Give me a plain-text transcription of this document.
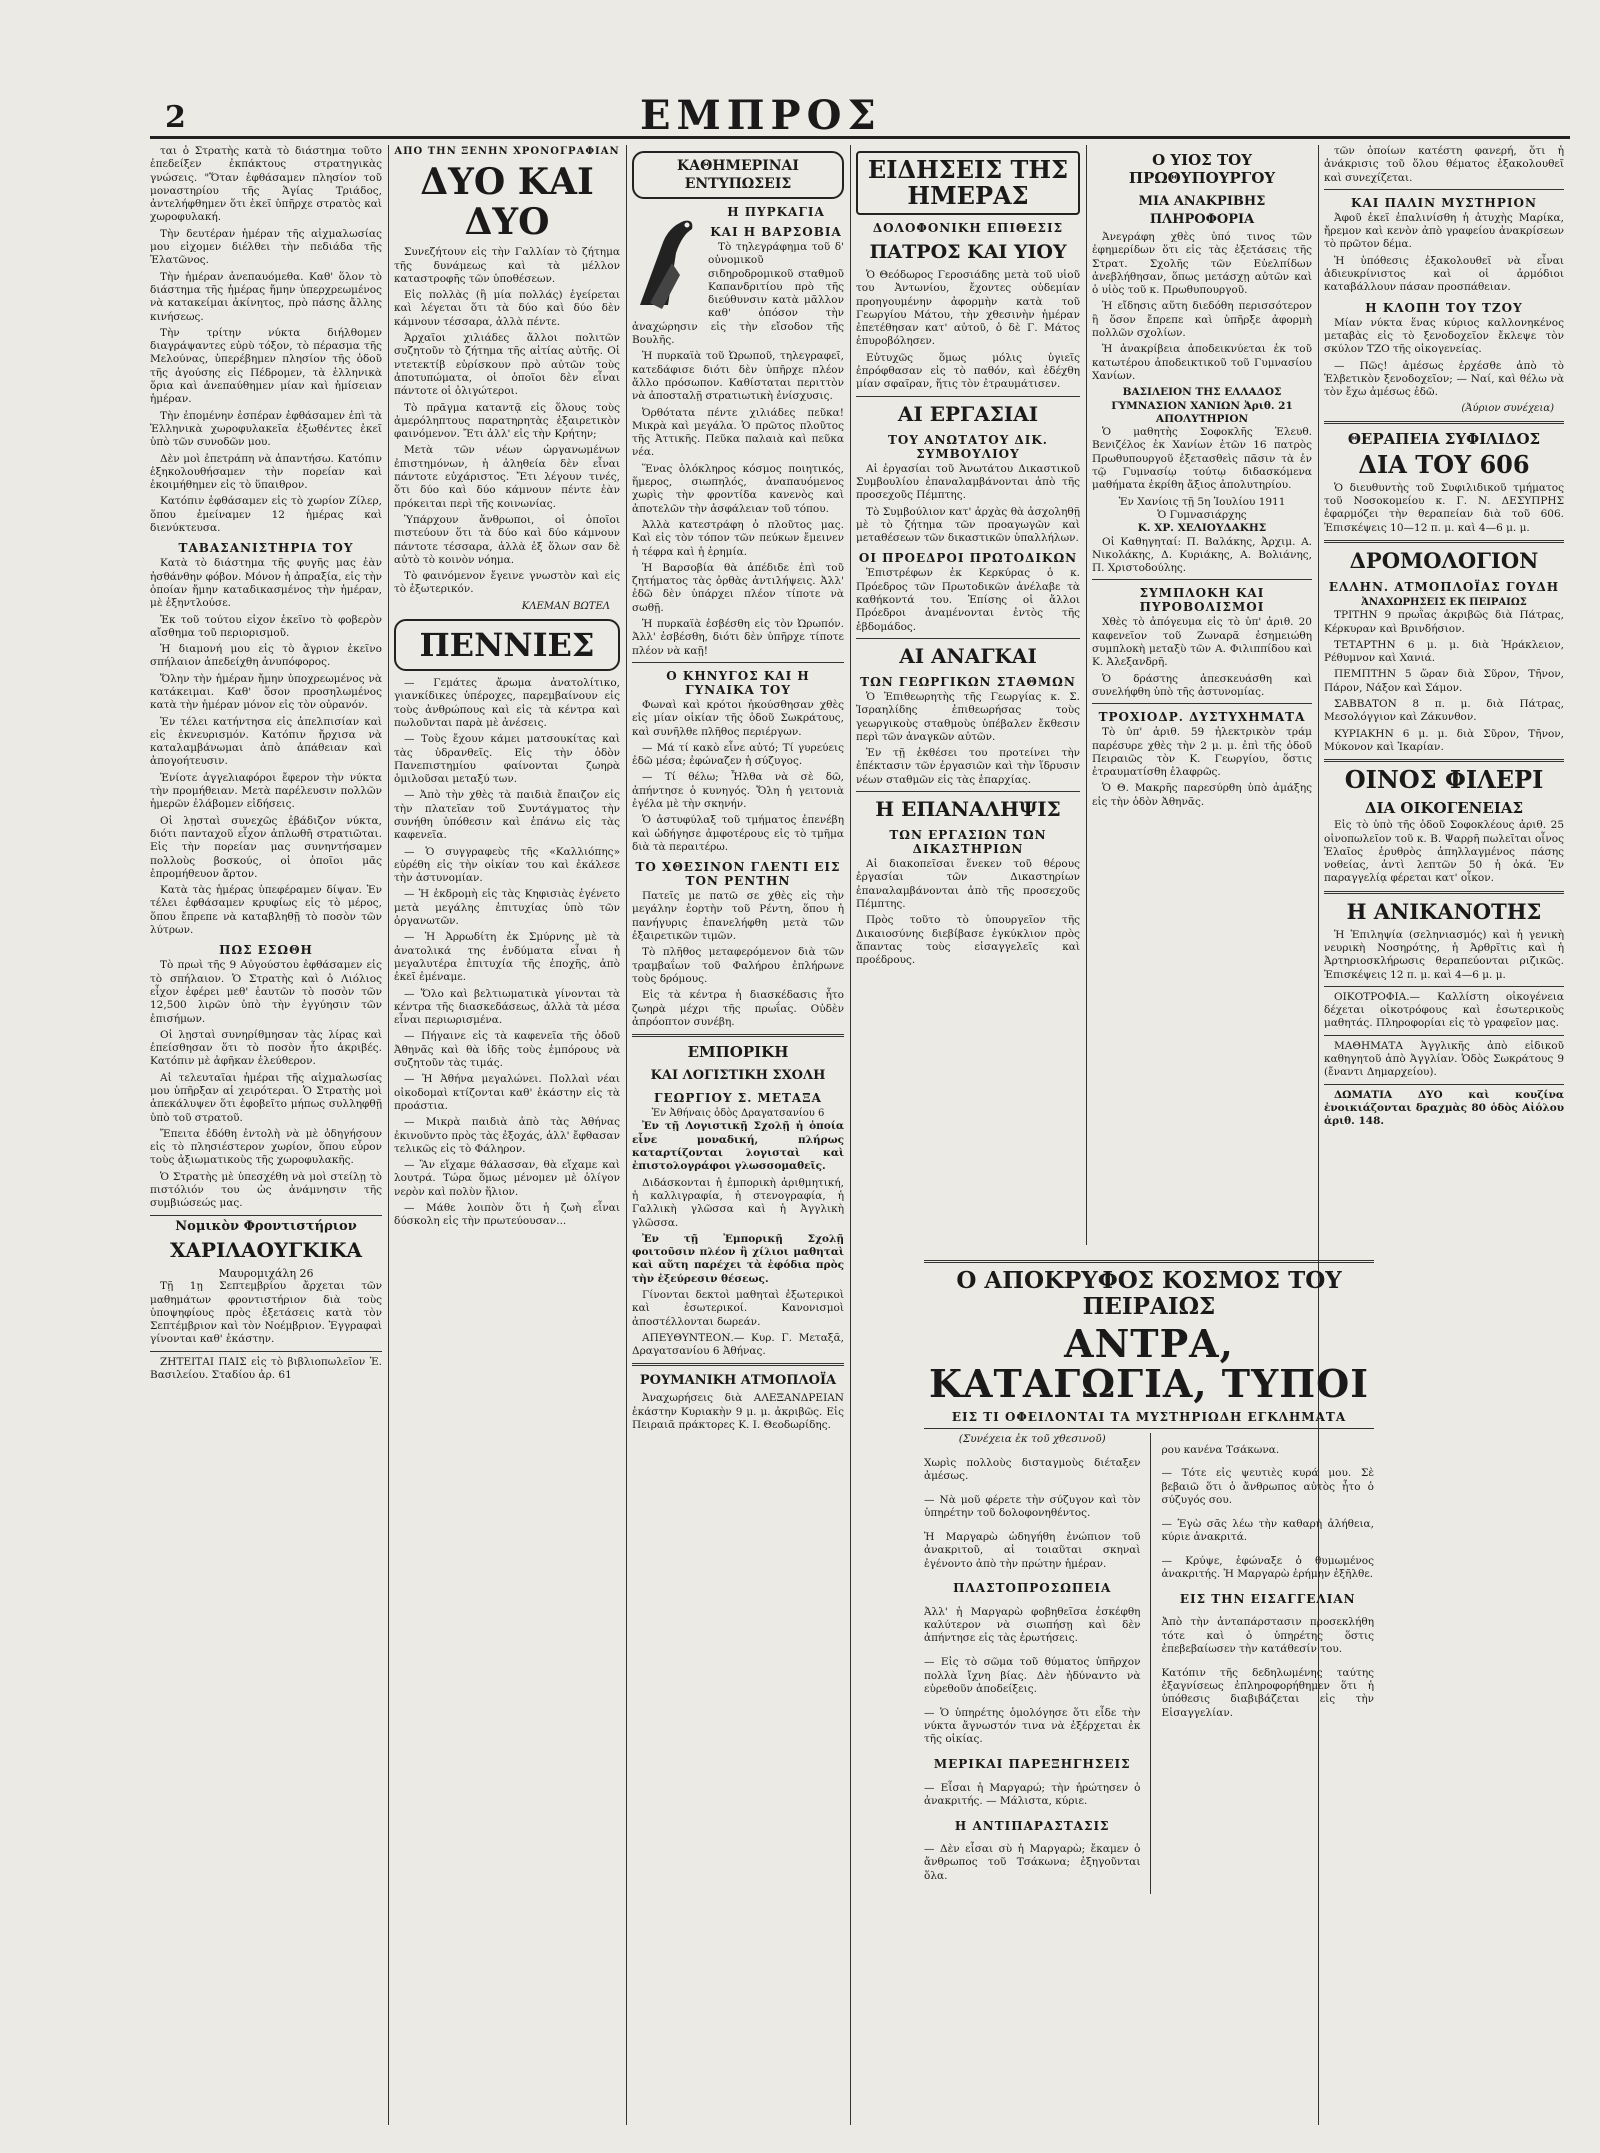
2	ΕΜΠΡΟΣ

ται ὁ Στρατὴς κατὰ τὸ διάστημα τοῦτο ἐπεδείξεν ἐκπάκτους στρατηγικὰς γνώσεις. "Ὅταν ἐφθάσαμεν πλησίον τοῦ μοναστηρίου τῆς Ἁγίας Τριάδος, ἀντελήφθημεν ὅτι ἐκεῖ ὑπῆρχε στρατὸς καὶ χωροφυλακή.

Τὴν δευτέραν ἡμέραν τῆς αἰχμαλωσίας μου εἰχομεν διέλθει τὴν πεδιάδα τῆς Ἐλατῶνος.

Τὴν ἡμέραν ἀνεπαυόμεθα. Καθ' ὅλον τὸ διάστημα τῆς ἡμέρας ἤμην ὑπερχρεωμένος νὰ κατακείμαι ἀκίνητος, πρὸ πάσης ἄλλης κινήσεως.

Τὴν τρίτην νύκτα διήλθομεν διαγράψαντες εὐρὺ τόξον, τὸ πέρασμα τῆς Μελούνας, ὑπερέβημεν πλησίον τῆς ὁδοῦ τῆς ἀγούσης εἰς Πέδρομεν, τὰ ἑλληνικὰ ὅρια καὶ ἀνεπαύθημεν μίαν καὶ ἡμίσειαν ἡμέραν.

Τὴν ἐπομένην ἐσπέραν ἐφθάσαμεν ἐπὶ τὰ Ἑλληνικὰ χωροφυλακεῖα ἐξωθέντες ἐκεῖ ὑπὸ τῶν συνοδῶν μου.

Δὲν μοὶ ἐπετράπη νὰ ἀπαντήσω. Κατόπιν ἐξηκολουθήσαμεν τὴν πορείαν καὶ ἐκοιμήθημεν εἰς τὸ ὕπαιθρον.

Κατόπιν ἐφθάσαμεν εἰς τὸ χωρίον Ζίλερ, ὅπου ἐμείναμεν 12 ἡμέρας καὶ διενύκτευσα.

ΤΑΒΑΣΑΝΙΣΤΗΡΙΑ ΤΟΥ

Κατὰ τὸ διάστημα τῆς φυγῆς μας ἐὰν ἠσθάνθην φόβον. Μόνον ἡ ἀπραξία, εἰς τὴν ὁποίαν ἤμην καταδικασμένος τὴν ἡμέραν, μὲ ἐξηντλούσε.

Ἐκ τοῦ τούτου εἰχον ἐκεῖνο τὸ φοβερὸν αἴσθημα τοῦ περιορισμοῦ.

Ἡ διαμονή μου εἰς τὸ ἄγριον ἐκεῖνο σπήλαιον ἀπεδείχθη ἀνυπόφορος.

Ὅλην τὴν ἡμέραν ἤμην ὑποχρεωμένος νὰ κατάκειμαι. Καθ' ὅσον προσηλωμένος κατὰ τὴν ἡμέραν μόνον εἰς τὸν οὐρανόν.

Ἐν τέλει κατήντησα εἰς ἀπελπισίαν καὶ εἰς ἐκνευρισμόν. Κατόπιν ἤρχισα νὰ καταλαμβάνωμαι ἀπὸ ἀπάθειαν καὶ ἀπογοήτευσιν.

Ἐνίοτε ἀγγελιαφόροι ἔφερον τὴν νύκτα τὴν προμήθειαν. Μετὰ παρέλευσιν πολλῶν ἡμερῶν ἐλάβομεν εἰδήσεις.

Οἱ λῃσταὶ συνεχῶς ἐβάδιζον νύκτα, διότι πανταχοῦ εἶχον ἀπλωθῆ στρατιῶται. Εἰς τὴν πορείαν μας συνηντήσαμεν πολλοὺς βοσκούς, οἱ ὁποῖοι μᾶς ἐπρομήθευον ἄρτον.

Κατὰ τὰς ἡμέρας ὑπεφέραμεν δίψαν. Ἐν τέλει ἐφθάσαμεν κρυφίως εἰς τὸ μέρος, ὅπου ἔπρεπε νὰ καταβληθῇ τὸ ποσὸν τῶν λύτρων.

ΠΩΣ ΕΣΩΘΗ

Τὸ πρωὶ τῆς 9 Αὐγούστου ἐφθάσαμεν εἰς τὸ σπήλαιον. Ὁ Στρατὴς καὶ ὁ Λιόλιος εἶχον ἐφέρει μεθ' ἑαυτῶν τὸ ποσὸν τῶν 12,500 λιρῶν ὑπὸ τὴν ἐγγύησιν τῶν ἐπισήμων.

Οἱ λῃσταὶ συνηρίθμησαν τὰς λίρας καὶ ἐπείσθησαν ὅτι τὸ ποσὸν ἦτο ἀκριβές. Κατόπιν μὲ ἀφῆκαν ἐλεύθερον.

Αἱ τελευταῖαι ἡμέραι τῆς αἰχμαλωσίας μου ὑπῆρξαν αἱ χειρότεραι. Ὁ Στρατὴς μοὶ ἀπεκάλυψεν ὅτι ἐφοβεῖτο μήπως συλληφθῇ ὑπὸ τοῦ στρατοῦ.

Ἔπειτα ἐδόθη ἐντολὴ νὰ μὲ ὁδηγήσουν εἰς τὸ πλησιέστερον χωρίον, ὅπου εὗρον τοὺς ἀξιωματικοὺς τῆς χωροφυλακῆς.

Ὁ Στρατὴς μὲ ὑπεσχέθη νὰ μοὶ στείλῃ τὸ πιστόλιόν του ὡς ἀνάμνησιν τῆς συμβιώσεώς μας.

Νομικὸν Φροντιστήριον
ΧΑΡΙΛΑΟΥΓΚΙΚΑ
Μαυρομιχάλη 26

Τῇ 1ῃ Σεπτεμβρίου ἄρχεται τῶν μαθημάτων φροντιστήριον διὰ τοὺς ὑποψηφίους πρὸς ἐξετάσεις κατὰ τὸν Σεπτέμβριον καὶ τὸν Νοέμβριον. Ἐγγραφαὶ γίνονται καθ' ἑκάστην.

ΖΗΤΕΙΤΑΙ ΠΑΙΣ εἰς τὸ βιβλιοπωλεῖον Ἐ. Βασιλείου. Σταδίου ἀρ. 61

ΑΠΟ ΤΗΝ ΞΕΝΗΝ ΧΡΟΝΟΓΡΑΦΙΑΝ
ΔΥΟ ΚΑΙ ΔΥΟ

Συνεζήτουν εἰς τὴν Γαλλίαν τὸ ζήτημα τῆς δυνάμεως καὶ τὰ μέλλον καταστροφῆς τῶν ὑποθέσεων.

Εἰς πολλὰς (ἢ μία πολλάς) ἐγείρεται καὶ λέγεται ὅτι τὰ δύο καὶ δύο δὲν κάμνουν τέσσαρα, ἀλλὰ πέντε.

Ἀρχαῖοι χιλιάδες ἄλλοι πολιτῶν συζητοῦν τὸ ζήτημα τῆς αἰτίας αὐτῆς. Οἱ ντετεκτίβ εὑρίσκουν πρὸ αὐτῶν τοὺς ἀποτυπώματα, οἱ ὁποῖοι δὲν εἶναι πάντοτε οἱ ὀλιγώτεροι.

Τὸ πρᾶγμα καταντᾷ εἰς ὅλους τοὺς ἀμερόληπτους παρατηρητὰς ἐξαιρετικὸν φαινόμενον. Ἔτι ἀλλ' εἰς τὴν Κρήτην;

Μετὰ τῶν νέων ὠργανωμένων ἐπιστημόνων, ἡ ἀληθεία δὲν εἶναι πάντοτε εὐχάριστος. Ἔτι λέγουν τινές, ὅτι δύο καὶ δύο κάμνουν πέντε ἐὰν πρόκειται περὶ τῆς κοινωνίας.

Ὑπάρχουν ἄνθρωποι, οἱ ὁποῖοι πιστεύουν ὅτι τὰ δύο καὶ δύο κάμνουν πάντοτε τέσσαρα, ἀλλὰ ἐξ ὅλων σαν δὲ αὐτὸ τὸ κοινὸν νόημα.

Τὸ φαινόμενον ἔγεινε γνωστὸν καὶ εἰς τὸ ἐξωτερικόν.

ΚΛΕΜΑΝ ΒΩΤΕΛ
ΠΕΝΝΙΕΣ

— Γεμάτες ἄρωμα ἀνατολίτικο, γιανκίδικες ὑπέροχες, παρεμβαίνουν εἰς τοὺς ἀνθρώπους καὶ εἰς τὰ κέντρα καὶ πωλοῦνται παρὰ μὲ ἀνέσεις.

— Τοὺς ἔχουν κάμει ματσουκίτας καὶ τὰς ὑδρανθεῖς. Εἰς τὴν ὁδὸν Πανεπιστημίου φαίνονται ζωηρὰ ὁμιλοῦσαι μεταξύ των.

— Ἀπὸ τὴν χθὲς τὰ παιδιὰ ἔπαιζον εἰς τὴν πλατεῖαν τοῦ Συντάγματος τὴν συνήθη ὑπόθεσιν καὶ ἐπάνω εἰς τὰς καφενεῖα.

— Ὁ συγγραφεὺς τῆς «Καλλιόπης» εὑρέθη εἰς τὴν οἰκίαν του καὶ ἐκάλεσε τὴν ἀστυνομίαν.

— Ἡ ἐκδρομὴ εἰς τὰς Κηφισιὰς ἐγένετο μετὰ μεγάλης ἐπιτυχίας ὑπὸ τῶν ὀργανωτῶν.

— Ἡ Ἀρρωδίτη ἐκ Σμύρνης μὲ τὰ ἀνατολικά της ἐνδύματα εἶναι ἡ μεγαλυτέρα ἐπιτυχία τῆς ἐποχῆς, ἀπὸ ἐκεῖ ἐμέναμε.

— Ὅλο καὶ βελτιωματικὰ γίνονται τὰ κέντρα τῆς διασκεδάσεως, ἀλλὰ τὰ μέσα εἶναι περιωρισμένα.

— Πήγαινε εἰς τὰ καφενεῖα τῆς ὁδοῦ Ἀθηνᾶς καὶ θὰ ἰδῆς τοὺς ἐμπόρους νὰ συζητοῦν τὰς τιμάς.

— Ἡ Ἀθήνα μεγαλώνει. Πολλαὶ νέαι οἰκοδομαὶ κτίζονται καθ' ἑκάστην εἰς τὰ προάστια.

— Μικρὰ παιδιὰ ἀπὸ τὰς Ἀθήνας ἐκινοῦντο πρὸς τὰς ἐξοχάς, ἀλλ' ἔφθασαν τελικῶς εἰς τὸ Φάληρον.

— Ἂν εἴχαμε θάλασσαν, θὰ εἴχαμε καὶ λουτρά. Τώρα ὅμως μένομεν μὲ ὀλίγον νερὸν καὶ πολὺν ἥλιον.

— Μάθε λοιπὸν ὅτι ἡ ζωὴ εἶναι δύσκολη εἰς τὴν πρωτεύουσαν...

ΚΑΘΗΜΕΡΙΝΑΙ ΕΝΤΥΠΩΣΕΙΣ
Η ΠΥΡΚΑΓΙΑ
ΚΑΙ Η ΒΑΡΣΟΒΙΑ

Τὸ τηλεγράφημα τοῦ δ' οὐνομικοῦ σιδηροδρομικοῦ σταθμοῦ Καπανδριτίου πρὸ τῆς διεύθυνσιν κατὰ μᾶλλον καθ' ὁπόσον τὴν ἀναχώρησιν εἰς τὴν εἴσοδον τῆς Βουλῆς.

Ἡ πυρκαϊὰ τοῦ Ὠρωποῦ, τηλεγραφεῖ, κατεδάφισε διότι δὲν ὑπῆρχε πλέον ἄλλο πρόσωπον. Καθίσταται περιττὸν νὰ ἀποσταλῇ στρατιωτικὴ ἐνίσχυσις.

Ὀρθότατα πέντε χιλιάδες πεῦκα! Μικρὰ καὶ μεγάλα. Ὁ πρῶτος πλοῦτος τῆς Ἀττικῆς. Πεῦκα παλαιὰ καὶ πεῦκα νέα.

Ἕνας ὁλόκληρος κόσμος ποιητικός, ἥμερος, σιωπηλός, ἀναπαυόμενος χωρὶς τὴν φροντίδα κανενὸς καὶ ἀποτελῶν τὴν ἀσφάλειαν τοῦ τόπου.

Ἀλλὰ κατεστράφη ὁ πλοῦτος μας. Καὶ εἰς τὸν τόπον τῶν πεύκων ἔμεινεν ἡ τέφρα καὶ ἡ ἐρημία.

Ἡ Βαρσοβία θὰ ἀπέδιδε ἐπὶ τοῦ ζητήματος τὰς ὀρθὰς ἀντιλήψεις. Ἀλλ' ἐδῶ δὲν ὑπάρχει πλέον τίποτε νὰ σωθῇ.

Ἡ πυρκαϊὰ ἐσβέσθη εἰς τὸν Ὠρωπόν. Ἀλλ' ἐσβέσθη, διότι δὲν ὑπῆρχε τίποτε πλέον νὰ καῇ!

Ο ΚΗΝΥΓΟΣ ΚΑΙ Η ΓΥΝΑΙΚΑ ΤΟΥ

Φωναὶ καὶ κρότοι ἠκούσθησαν χθὲς εἰς μίαν οἰκίαν τῆς ὁδοῦ Σωκράτους, καὶ συνῆλθε πλῆθος περιέργων.

— Μά τί κακὸ εἶνε αὐτό; Τί γυρεύεις ἐδῶ μέσα; ἐφώναζεν ἡ σύζυγος.

— Τί θέλω; Ἦλθα νὰ σὲ δῶ, ἀπήντησε ὁ κυνηγός. Ὅλη ἡ γειτονιὰ ἐγέλα μὲ τὴν σκηνήν.

Ὁ ἀστυφύλαξ τοῦ τμήματος ἐπενέβη καὶ ὡδήγησε ἀμφοτέρους εἰς τὸ τμῆμα διὰ τὰ περαιτέρω.

ΤΟ ΧΘΕΣΙΝΟΝ ΓΛΕΝΤΙ ΕΙΣ ΤΟΝ ΡΕΝΤΗΝ

Πατεῖς με πατῶ σε χθὲς εἰς τὴν μεγάλην ἑορτὴν τοῦ Ρέντη, ὅπου ἡ πανήγυρις ἐπανελήφθη μετὰ τῶν ἐξαιρετικῶν τιμῶν.

Τὸ πλῆθος μεταφερόμενον διὰ τῶν τραμβαΐων τοῦ Φαλήρου ἐπλήρωνε τοὺς δρόμους.

Εἰς τὰ κέντρα ἡ διασκέδασις ἦτο ζωηρὰ μέχρι τῆς πρωΐας. Οὐδὲν ἀπρόοπτον συνέβη.

ΕΜΠΟΡΙΚΗ
ΚΑΙ ΛΟΓΙΣΤΙΚΗ ΣΧΟΛΗ
ΓΕΩΡΓΙΟΥ Σ. ΜΕΤΑΞΑ
Ἐν Ἀθήναις ὁδὸς Δραγατσανίου 6

Ἐν τῇ Λογιστικῇ Σχολῇ ἡ ὁποία εἶνε μοναδική, πλήρως καταρτίζονται λογισταὶ καὶ ἐπιστολογράφοι γλωσσομαθεῖς.

Διδάσκονται ἡ ἐμπορικὴ ἀριθμητική, ἡ καλλιγραφία, ἡ στενογραφία, ἡ Γαλλικὴ γλῶσσα καὶ ἡ Ἀγγλικὴ γλῶσσα.

Ἐν τῇ Ἐμπορικῇ Σχολῇ φοιτοῦσιν πλέον ἢ χίλιοι μαθηταὶ καὶ αὕτη παρέχει τὰ ἐφόδια πρὸς τὴν ἐξεύρεσιν θέσεως.

Γίνονται δεκτοὶ μαθηταὶ ἐξωτερικοὶ καὶ ἐσωτερικοί. Κανονισμοὶ ἀποστέλλονται δωρεάν.

ΑΠΕΥΘΥΝΤΕΟΝ.— Κυρ. Γ. Μεταξᾶ, Δραγατσανίου 6 Ἀθήνας.

ΡΟΥΜΑΝΙΚΗ ΑΤΜΟΠΛΟΪΑ

Ἀναχωρήσεις διὰ ΑΛΕΞΑΝΔΡΕΙΑΝ ἑκάστην Κυριακὴν 9 μ. μ. ἀκριβῶς. Εἰς Πειραιᾶ πράκτορες Κ. Ι. Θεοδωρίδης.

ΕΙΔΗΣΕΙΣ ΤΗΣ ΗΜΕΡΑΣ
ΔΟΛΟΦΟΝΙΚΗ ΕΠΙΘΕΣΙΣ
ΠΑΤΡΟΣ ΚΑΙ ΥΙΟΥ

Ὁ Θεόδωρος Γεροσιάδης μετὰ τοῦ υἱοῦ του Ἀντωνίου, ἔχοντες οὐδεμίαν προηγουμένην ἀφορμὴν κατὰ τοῦ Γεωργίου Μάτου, τὴν χθεσινὴν ἡμέραν ἐπετέθησαν κατ' αὐτοῦ, ὁ δὲ Γ. Μάτος ἐπυροβόλησεν.

Εὐτυχῶς ὅμως μόλις ὑγιεῖς ἐπρόφθασαν εἰς τὸ παθόν, καὶ ἐδέχθη μίαν σφαῖραν, ἥτις τὸν ἐτραυμάτισεν.

ΑΙ ΕΡΓΑΣΙΑΙ
ΤΟΥ ΑΝΩΤΑΤΟΥ ΔΙΚ. ΣΥΜΒΟΥΛΙΟΥ

Αἱ ἐργασίαι τοῦ Ἀνωτάτου Δικαστικοῦ Συμβουλίου ἐπαναλαμβάνονται ἀπὸ τῆς προσεχοῦς Πέμπτης.

Τὸ Συμβούλιον κατ' ἀρχὰς θὰ ἀσχοληθῇ μὲ τὸ ζήτημα τῶν προαγωγῶν καὶ μεταθέσεων τῶν δικαστικῶν ὑπαλλήλων.

ΟΙ ΠΡΟΕΔΡΟΙ ΠΡΩΤΟΔΙΚΩΝ

Ἐπιστρέφων ἐκ Κερκύρας ὁ κ. Πρόεδρος τῶν Πρωτοδικῶν ἀνέλαβε τὰ καθήκοντά του. Ἐπίσης οἱ ἄλλοι Πρόεδροι ἀναμένονται ἐντὸς τῆς ἑβδομάδος.

ΑΙ ΑΝΑΓΚΑΙ
ΤΩΝ ΓΕΩΡΓΙΚΩΝ ΣΤΑΘΜΩΝ

Ὁ Ἐπιθεωρητὴς τῆς Γεωργίας κ. Σ. Ἰσραηλίδης ἐπιθεωρήσας τοὺς γεωργικοὺς σταθμοὺς ὑπέβαλεν ἔκθεσιν περὶ τῶν ἀναγκῶν αὐτῶν.

Ἐν τῇ ἐκθέσει του προτείνει τὴν ἐπέκτασιν τῶν ἐργασιῶν καὶ τὴν ἵδρυσιν νέων σταθμῶν εἰς τὰς ἐπαρχίας.

Η ΕΠΑΝΑΛΗΨΙΣ
ΤΩΝ ΕΡΓΑΣΙΩΝ ΤΩΝ ΔΙΚΑΣΤΗΡΙΩΝ

Αἱ διακοπεῖσαι ἕνεκεν τοῦ θέρους ἐργασίαι τῶν Δικαστηρίων ἐπαναλαμβάνονται ἀπὸ τῆς προσεχοῦς Πέμπτης.

Πρὸς τοῦτο τὸ ὑπουργεῖον τῆς Δικαιοσύνης διεβίβασε ἐγκύκλιον πρὸς ἅπαντας τοὺς εἰσαγγελεῖς καὶ προέδρους.

Ο ΥΙΟΣ ΤΟΥ ΠΡΩΘΥΠΟΥΡΓΟΥ
ΜΙΑ ΑΝΑΚΡΙΒΗΣ ΠΛΗΡΟΦΟΡΙΑ

Ἀνεγράφη χθὲς ὑπό τινος τῶν ἐφημερίδων ὅτι εἰς τὰς ἐξετάσεις τῆς Στρατ. Σχολῆς τῶν Εὐελπίδων ἀνεβλήθησαν, ὅπως μετάσχῃ αὐτῶν καὶ ὁ υἱὸς τοῦ κ. Πρωθυπουργοῦ.

Ἡ εἴδησις αὕτη διεδόθη περισσότερον ἢ ὅσον ἔπρεπε καὶ ὑπῆρξε ἀφορμὴ πολλῶν σχολίων.

Ἡ ἀνακρίβεια ἀποδεικνύεται ἐκ τοῦ κατωτέρου ἀποδεικτικοῦ τοῦ Γυμνασίου Χανίων.

ΒΑΣΙΛΕΙΟΝ ΤΗΣ ΕΛΛΑΔΟΣ
ΓΥΜΝΑΣΙΟΝ ΧΑΝΙΩΝ Ἀριθ. 21
ΑΠΟΛΥΤΗΡΙΟΝ

Ὁ μαθητὴς Σοφοκλῆς Ἐλευθ. Βενιζέλος ἐκ Χανίων ἐτῶν 16 πατρὸς Πρωθυπουργοῦ ἐξετασθεὶς πᾶσιν τὰ ἐν τῷ Γυμνασίῳ τούτῳ διδασκόμενα μαθήματα ἐκρίθη ἄξιος ἀπολυτηρίου.

Ἐν Χανίοις τῇ 5η Ἰουλίου 1911
Ὁ Γυμνασιάρχης
Κ. ΧΡ. ΧΕΛΙΟΥΔΑΚΗΣ

Οἱ Καθηγηταί: Π. Βαλάκης, Ἀρχιμ. Α. Νικολάκης, Δ. Κυριάκης, Α. Βολιάνης, Π. Χριστοδούλης.

ΣΥΜΠΛΟΚΗ ΚΑΙ ΠΥΡΟΒΟΛΙΣΜΟΙ

Χθὲς τὸ ἀπόγευμα εἰς τὸ ὑπ' ἀριθ. 20 καφενεῖον τοῦ Ζωναρᾶ ἐσημειώθη συμπλοκὴ μεταξὺ τῶν Α. Φιλιππίδου καὶ Κ. Ἀλεξανδρῆ.

Ὁ δράστης ἀπεσκευάσθη καὶ συνελήφθη ὑπὸ τῆς ἀστυνομίας.

ΤΡΟΧΙΟΔΡ. ΔΥΣΤΥΧΗΜΑΤΑ

Τὸ ὑπ' ἀριθ. 59 ἠλεκτρικὸν τράμ παρέσυρε χθὲς τὴν 2 μ. μ. ἐπὶ τῆς ὁδοῦ Πειραιῶς τὸν Κ. Γεωργίου, ὅστις ἐτραυματίσθη ἐλαφρῶς.

Ὁ Θ. Μακρῆς παρεσύρθη ὑπὸ ἁμάξης εἰς τὴν ὁδὸν Ἀθηνᾶς.

Ο ΑΠΟΚΡΥΦΟΣ ΚΟΣΜΟΣ ΤΟΥ ΠΕΙΡΑΙΩΣ
ΑΝΤΡΑ, ΚΑΤΑΓΩΓΙΑ, ΤΥΠΟΙ
ΕΙΣ ΤΙ ΟΦΕΙΛΟΝΤΑΙ ΤΑ ΜΥΣΤΗΡΙΩΔΗ ΕΓΚΛΗΜΑΤΑ
(Συνέχεια ἐκ τοῦ χθεσινοῦ)

Χωρὶς πολλοὺς δισταγμοὺς διέταξεν ἀμέσως.

— Νὰ μοῦ φέρετε τὴν σύζυγον καὶ τὸν ὑπηρέτην τοῦ δολοφονηθέντος.

Ἡ Μαργαρὼ ὡδηγήθη ἐνώπιον τοῦ ἀνακριτοῦ, αἱ τοιαῦται σκηναὶ ἐγένοντο ἀπὸ τὴν πρώτην ἡμέραν.

ΠΛΑΣΤΟΠΡΟΣΩΠΕΙΑ

Ἀλλ' ἡ Μαργαρὼ φοβηθεῖσα ἐσκέφθη καλύτερον νὰ σιωπήσῃ καὶ δὲν ἀπήντησε εἰς τὰς ἐρωτήσεις.

— Εἰς τὸ σῶμα τοῦ θύματος ὑπῆρχον πολλὰ ἴχνη βίας. Δὲν ἠδύναντο νὰ εὑρεθοῦν ἀποδείξεις.

— Ὁ ὑπηρέτης ὁμολόγησε ὅτι εἶδε τὴν νύκτα ἄγνωστόν τινα νὰ ἐξέρχεται ἐκ τῆς οἰκίας.

ΜΕΡΙΚΑΙ ΠΑΡΕΞΗΓΗΣΕΙΣ

— Εἶσαι ἡ Μαργαρώ; τὴν ἠρώτησεν ὁ ἀνακριτής. — Μάλιστα, κύριε.

Η ΑΝΤΙΠΑΡΑΣΤΑΣΙΣ

— Δὲν εἶσαι σὺ ἡ Μαργαρὼ; ἔκαμεν ὁ ἄνθρωπος τοῦ Τσάκωνα; ἐξηγοῦνται ὅλα.

ρου κανένα Τσάκωνα.

— Τότε εἰς ψευτιὲς κυρά μου. Σὲ βεβαιῶ ὅτι ὁ ἄνθρωπος αὐτὸς ἦτο ὁ σύζυγός σου.

— Ἐγὼ σᾶς λέω τὴν καθαρὴ ἀλήθεια, κύριε ἀνακριτά.

— Κρύψε, ἐφώναξε ὁ θυμωμένος ἀνακριτής. Ἡ Μαργαρὼ ἐρήμην ἐξῆλθε.

ΕΙΣ ΤΗΝ ΕΙΣΑΓΓΕΛΙΑΝ

Ἀπὸ τὴν ἀνταπάρστασιν προσεκλήθη τότε καὶ ὁ ὑπηρέτης ὅστις ἐπεβεβαίωσεν τὴν κατάθεσίν του.

Κατόπιν τῆς δεδηλωμένης ταύτης ἐξαγνίσεως ἐπληροφορήθημεν ὅτι ἡ ὑπόθεσις διαβιβάζεται εἰς τὴν Εἰσαγγελίαν.

τῶν ὁποίων κατέστη φανερή, ὅτι ἡ ἀνάκρισις τοῦ ὅλου θέματος ἐξακολουθεῖ καὶ συνεχίζεται.

ΚΑΙ ΠΑΛΙΝ ΜΥΣΤΗΡΙΟΝ

Ἀφοῦ ἐκεῖ ἐπαλινίσθη ἡ ἀτυχὴς Μαρίκα, ἤρεμον καὶ κενὸν ἀπὸ γραφείου ἀνακρίσεων τὸ πρῶτον δέμα.

Ἡ ὑπόθεσις ἐξακολουθεῖ νὰ εἶναι ἀδιευκρίνιστος καὶ οἱ ἀρμόδιοι καταβάλλουν πάσαν προσπάθειαν.

Η ΚΛΟΠΗ ΤΟΥ ΤΖΟΥ

Μίαν νύκτα ἕνας κύριος καλλονηκένος μεταβὰς εἰς τὸ ξενοδοχεῖον ἔκλεψε τὸν σκύλον ΤΖΟ τῆς οἰκογενείας.

— Πῶς! ἀμέσως ἐρχέσθε ἀπὸ τὸ Ἐλβετικὸν ξενοδοχεῖον; — Ναί, καὶ θέλω νὰ τὸν ἔχω ἀμέσως ἐδῶ.

(Ἀύριον συνέχεια)
ΘΕΡΑΠΕΙΑ ΣΥΦΙΛΙΔΟΣ
ΔΙΑ ΤΟΥ 606

Ὁ διευθυντὴς τοῦ Συφιλιδικοῦ τμήματος τοῦ Νοσοκομείου κ. Γ. Ν. ΔΕΣΥΠΡΗΣ ἐφαρμόζει τὴν θεραπείαν διὰ τοῦ 606. Ἐπισκέψεις 10—12 π. μ. καὶ 4—6 μ. μ.

ΔΡΟΜΟΛΟΓΙΟΝ
ΕΛΛΗΝ. ΑΤΜΟΠΛΟΪΑΣ ΓΟΥΔΗ
ἈΝΑΧΩΡΗΣΕΙΣ ΕΚ ΠΕΙΡΑΙΩΣ

ΤΡΙΤΗΝ 9 πρωῒας ἀκριβῶς διὰ Πάτρας, Κέρκυραν καὶ Βρινδήσιον.

ΤΕΤΑΡΤΗΝ 6 μ. μ. διὰ Ἡράκλειον, Ρέθυμνον καὶ Χανιά.

ΠΕΜΠΤΗΝ 5 ὥραν διὰ Σῦρον, Τῆνον, Πάρον, Νάξον καὶ Σάμον.

ΣΑΒΒΑΤΟΝ 8 π. μ. διὰ Πάτρας, Μεσολόγγιον καὶ Ζάκυνθον.

ΚΥΡΙΑΚΗΝ 6 μ. μ. διὰ Σῦρον, Τῆνον, Μύκονον καὶ Ἰκαρίαν.

ΟΙΝΟΣ ΦΙΛΕΡΙ
ΔΙΑ ΟΙΚΟΓΕΝΕΙΑΣ

Εἰς τὸ ὑπὸ τῆς ὁδοῦ Σοφοκλέους ἀριθ. 25 οἰνοπωλεῖον τοῦ κ. Β. Ψαρρῆ πωλεῖται οἶνος Ἐλαῖος ἐρυθρὸς ἀπηλλαγμένος πάσης νοθείας, ἀντὶ λεπτῶν 50 ἡ ὀκά. Ἐν παραγγελίᾳ φέρεται κατ' οἶκον.

Η ΑΝΙΚΑΝΟΤΗΣ

Ἡ Ἐπιληψία (σεληνιασμός) καὶ ἡ γενικὴ νευρικὴ Νοσηρότης, ἡ Ἀρθρῖτις καὶ ἡ Ἀρτηριοσκλήρωσις θεραπεύονται ριζικῶς. Ἐπισκέψεις 12 π. μ. καὶ 4—6 μ. μ.

ΟΙΚΟΤΡΟΦΙΑ.— Καλλίστη οἰκογένεια δέχεται οἰκοτρόφους καὶ ἐσωτερικοὺς μαθητάς. Πληροφορίαι εἰς τὸ γραφεῖον μας.

ΜΑΘΗΜΑΤΑ Ἀγγλικῆς ἀπὸ εἰδικοῦ καθηγητοῦ ἀπὸ Ἀγγλίαν. Ὁδὸς Σωκράτους 9 (ἔναντι Δημαρχείου).

ΔΩΜΑΤΙΑ ΔΥΟ καὶ κουζίνα ἐνοικιάζονται δραχμὰς 80 ὁδὸς Αἰόλου ἀριθ. 148.
